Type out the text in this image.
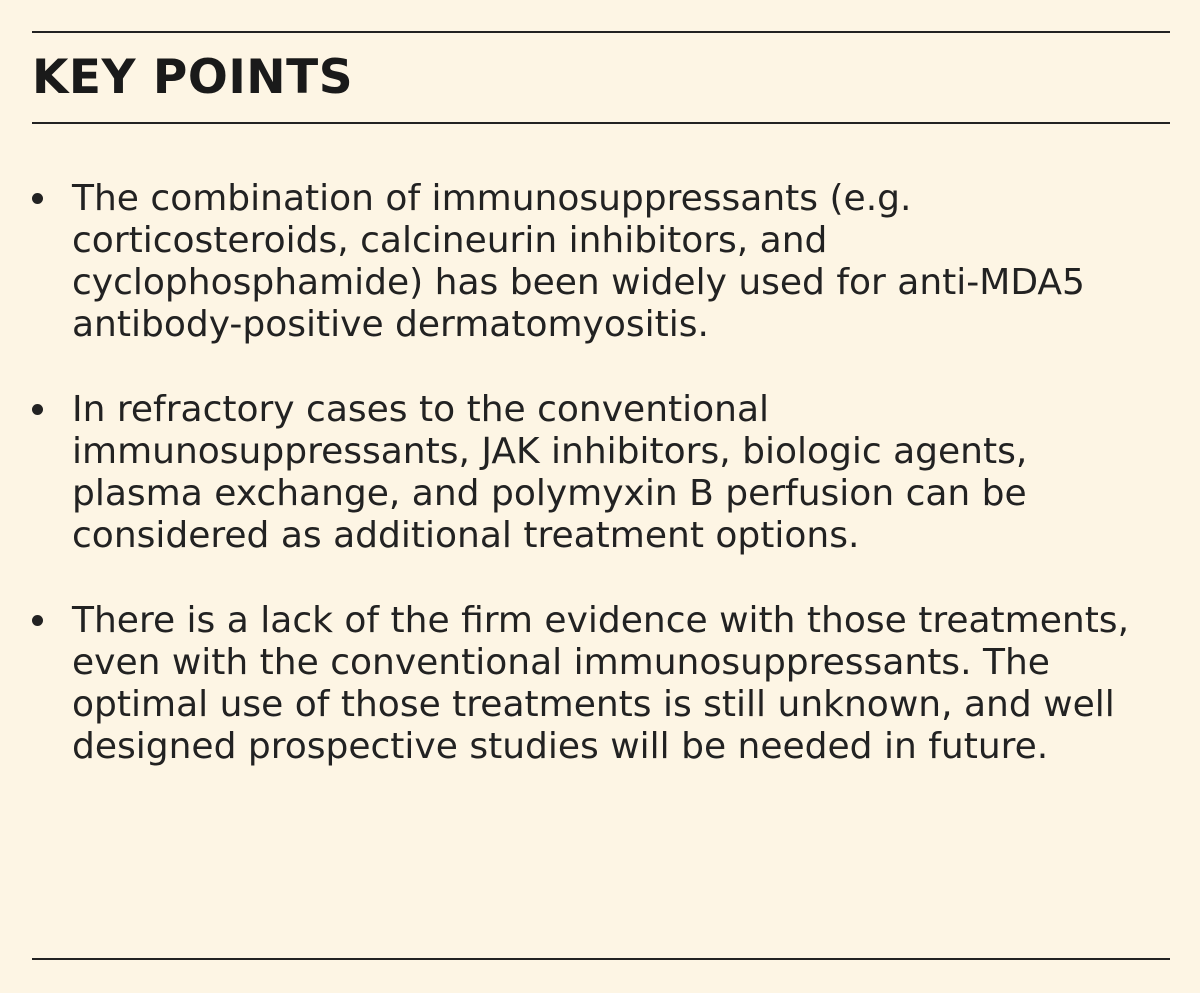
KEY POINTS
The combination of immunosuppressants (e.g. corticosteroids, calcineurin inhibitors, and cyclophosphamide) has been widely used for anti-MDA5 antibody-positive dermatomyositis.
In refractory cases to the conventional immunosuppressants, JAK inhibitors, biologic agents, plasma exchange, and polymyxin B perfusion can be considered as additional treatment options.
There is a lack of the firm evidence with those treatments, even with the conventional immunosuppressants. The optimal use of those treatments is still unknown, and well designed prospective studies will be needed in future.
